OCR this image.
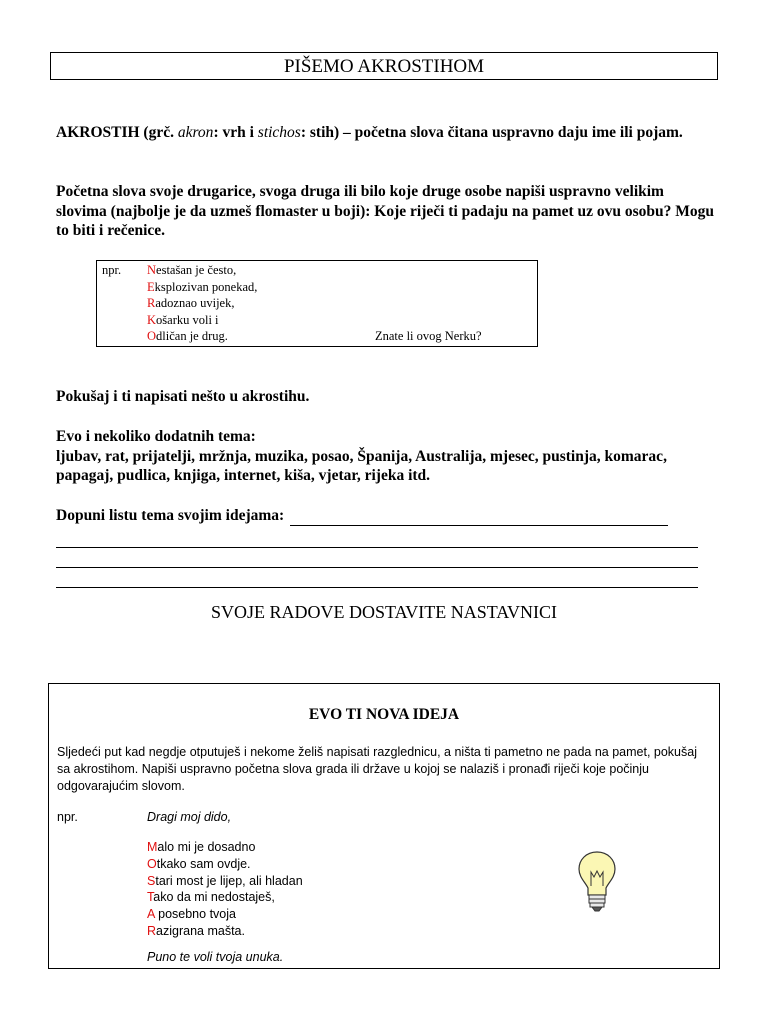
PIŠEMO AKROSTIHOM
AKROSTIH (grč. akron: vrh i stichos: stih) – početna slova čitana uspravno daju ime ili pojam.
Početna slova svoje drugarice, svoga druga ili bilo koje druge osobe napiši uspravno velikim slovima (najbolje je da uzmeš flomaster u boji): Koje riječi ti padaju na pamet uz ovu osobu? Mogu to biti i rečenice.
npr. Nestašan je često,
Eksplozivan ponekad,
Radoznao uvijek,
Košarku voli i
Odličan je drug.	Znate li ovog Nerku?
Pokušaj i ti napisati nešto u akrostihu.
Evo i nekoliko dodatnih tema:
ljubav, rat, prijatelji, mržnja, muzika, posao, Španija, Australija, mjesec, pustinja, komarac, papagaj, pudlica, knjiga, internet, kiša, vjetar, rijeka itd.
Dopuni listu tema svojim idejama:
SVOJE RADOVE DOSTAVITE NASTAVNICI
EVO TI NOVA IDEJA
Sljedeći put kad negdje otputuješ i nekome želiš napisati razglednicu, a ništa ti pametno ne pada na pamet, pokušaj sa akrostihom. Napiši uspravno početna slova grada ili države u kojoj se nalaziš i pronađi riječi koje počinju odgovarajućim slovom.
npr.	Dragi moj dido,
Malo mi je dosadno
Otkako sam ovdje.
Stari most je lijep, ali hladan
Tako da mi nedostaješ,
A posebno tvoja
Razigrana mašta.
Puno te voli tvoja unuka.
